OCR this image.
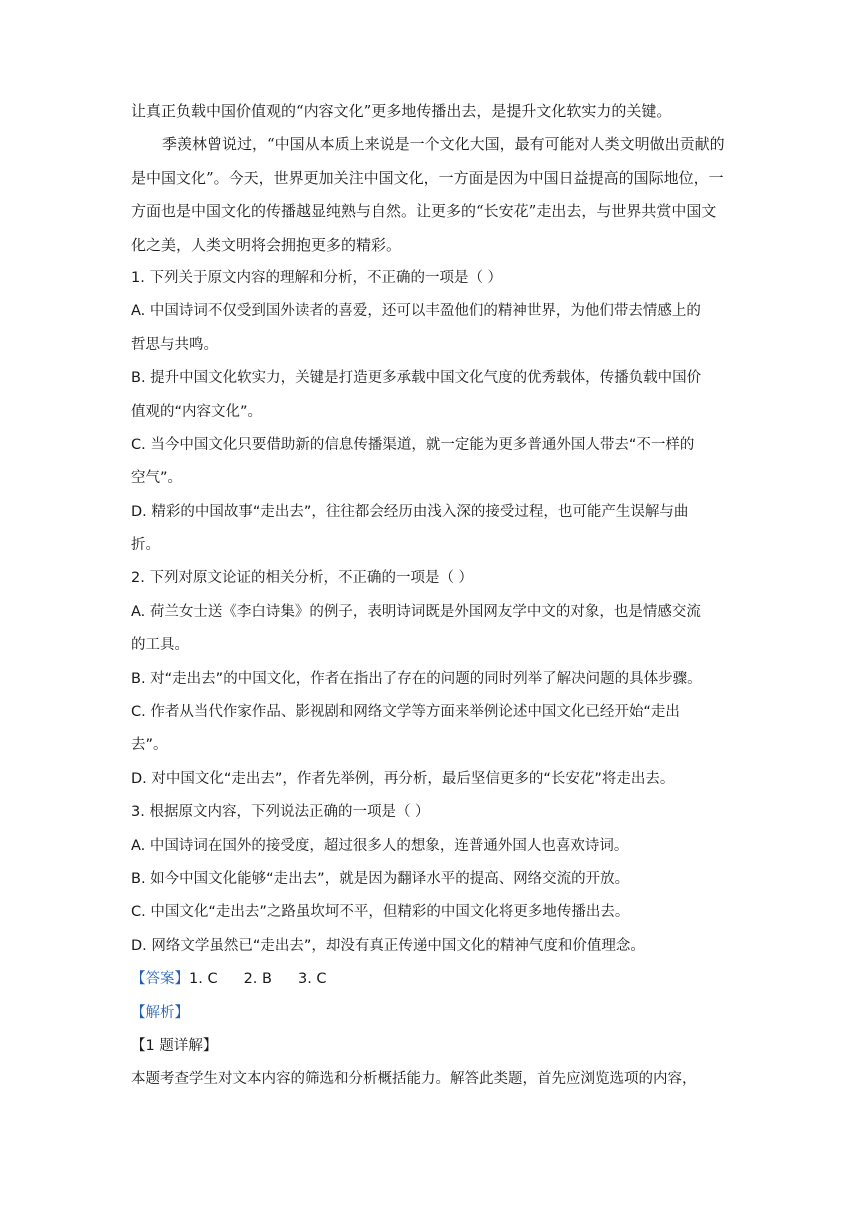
让真正负载中国价值观的“内容文化”更多地传播出去，是提升文化软实力的关键。
季羡林曾说过，“中国从本质上来说是一个文化大国，最有可能对人类文明做出贡献的
是中国文化”。今天，世界更加关注中国文化，一方面是因为中国日益提高的国际地位，一
方面也是中国文化的传播越显纯熟与自然。让更多的“长安花”走出去，与世界共赏中国文
化之美，人类文明将会拥抱更多的精彩。
1. 下列关于原文内容的理解和分析，不正确的一项是（ ）
A. 中国诗词不仅受到国外读者的喜爱，还可以丰盈他们的精神世界，为他们带去情感上的
哲思与共鸣。
B. 提升中国文化软实力，关键是打造更多承载中国文化气度的优秀载体，传播负载中国价
值观的“内容文化”。
C. 当今中国文化只要借助新的信息传播渠道，就一定能为更多普通外国人带去“不一样的
空气”。
D. 精彩的中国故事“走出去”，往往都会经历由浅入深的接受过程，也可能产生误解与曲
折。
2. 下列对原文论证的相关分析，不正确的一项是（ ）
A. 荷兰女士送《李白诗集》的例子，表明诗词既是外国网友学中文的对象，也是情感交流
的工具。
B. 对“走出去”的中国文化，作者在指出了存在的问题的同时列举了解决问题的具体步骤。
C. 作者从当代作家作品、影视剧和网络文学等方面来举例论述中国文化已经开始“走出
去”。
D. 对中国文化“走出去”，作者先举例，再分析，最后坚信更多的“长安花”将走出去。
3. 根据原文内容，下列说法正确的一项是（ ）
A. 中国诗词在国外的接受度，超过很多人的想象，连普通外国人也喜欢诗词。
B. 如今中国文化能够“走出去”，就是因为翻译水平的提高、网络交流的开放。
C. 中国文化“走出去”之路虽坎坷不平，但精彩的中国文化将更多地传播出去。
D. 网络文学虽然已“走出去”，却没有真正传递中国文化的精神气度和价值理念。
【答案】1. C 2. B 3. C
【解析】
【1 题详解】
本题考查学生对文本内容的筛选和分析概括能力。解答此类题，首先应浏览选项的内容，
